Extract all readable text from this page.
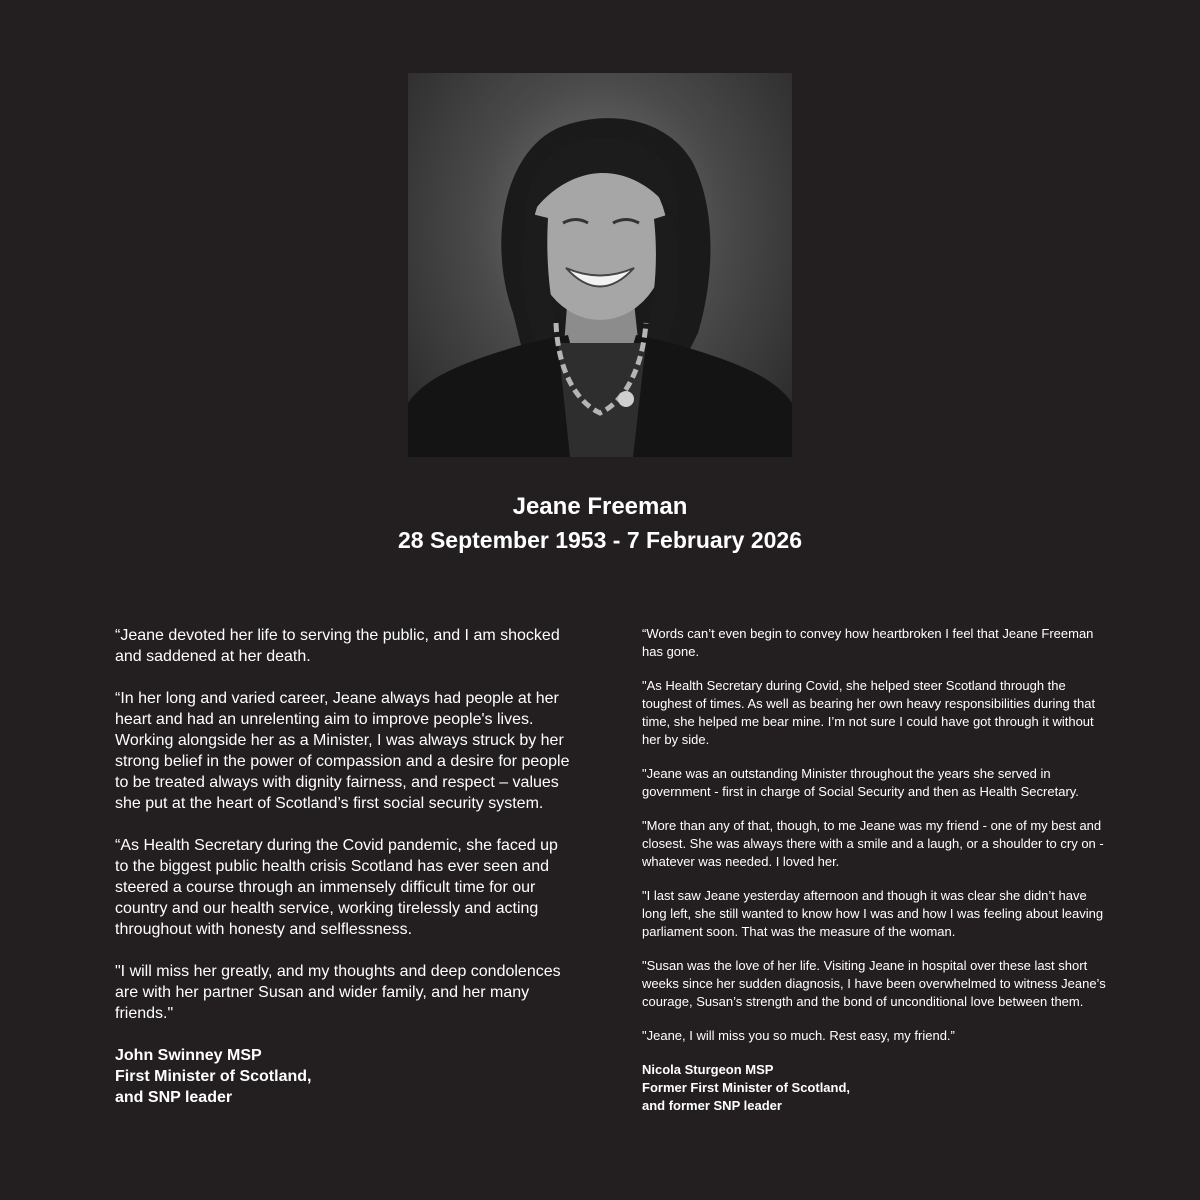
Jeane Freeman
28 September 1953 - 7 February 2026

“Jeane devoted her life to serving the public, and I am shocked and saddened at her death.

“In her long and varied career, Jeane always had people at her heart and had an unrelenting aim to improve people's lives. Working alongside her as a Minister, I was always struck by her strong belief in the power of compassion and a desire for people to be treated always with dignity fairness, and respect – values she put at the heart of Scotland’s first social security system.

“As Health Secretary during the Covid pandemic, she faced up to the biggest public health crisis Scotland has ever seen and steered a course through an immensely difficult time for our country and our health service, working tirelessly and acting throughout with honesty and selflessness.

"I will miss her greatly, and my thoughts and deep condolences are with her partner Susan and wider family, and her many friends."

John Swinney MSP
First Minister of Scotland,
and SNP leader

“Words can’t even begin to convey how heartbroken I feel that Jeane Freeman has gone.

"As Health Secretary during Covid, she helped steer Scotland through the toughest of times. As well as bearing her own heavy responsibilities during that time, she helped me bear mine. I’m not sure I could have got through it without her by side.

"Jeane was an outstanding Minister throughout the years she served in government - first in charge of Social Security and then as Health Secretary.

"More than any of that, though, to me Jeane was my friend - one of my best and closest. She was always there with a smile and a laugh, or a shoulder to cry on - whatever was needed. I loved her.

"I last saw Jeane yesterday afternoon and though it was clear she didn’t have long left, she still wanted to know how I was and how I was feeling about leaving parliament soon. That was the measure of the woman.

"Susan was the love of her life. Visiting Jeane in hospital over these last short weeks since her sudden diagnosis, I have been overwhelmed to witness Jeane’s courage, Susan’s strength and the bond of unconditional love between them.

"Jeane, I will miss you so much. Rest easy, my friend.”

Nicola Sturgeon MSP
Former First Minister of Scotland,
and former SNP leader
